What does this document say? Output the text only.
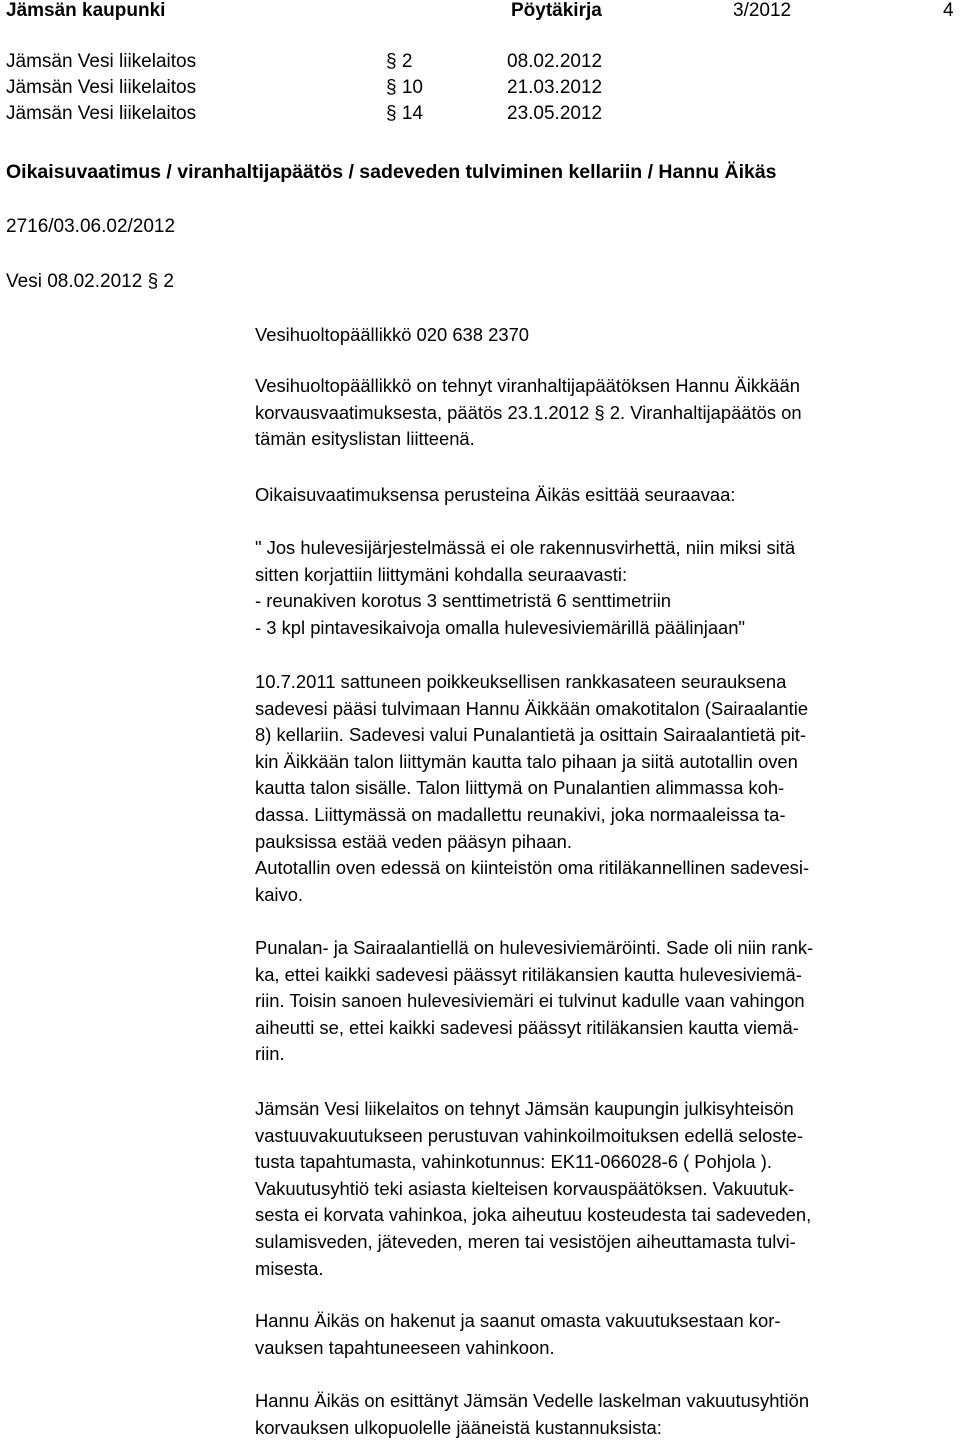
Jämsän kaupunki	Pöytäkirja	3/2012	4
Jämsän Vesi liikelaitos	§ 2	08.02.2012
Jämsän Vesi liikelaitos	§ 10	21.03.2012
Jämsän Vesi liikelaitos	§ 14	23.05.2012
Oikaisuvaatimus / viranhaltijapäätös / sadeveden tulviminen kellariin / Hannu Äikäs
2716/03.06.02/2012
Vesi 08.02.2012 § 2
Vesihuoltopäällikkö 020 638 2370
Vesihuoltopäällikkö on tehnyt viranhaltijapäätöksen Hannu Äikkään
korvausvaatimuksesta, päätös 23.1.2012 § 2. Viranhaltijapäätös on
tämän esityslistan liitteenä.
Oikaisuvaatimuksensa perusteina Äikäs esittää seuraavaa:
" Jos hulevesijärjestelmässä ei ole rakennusvirhettä, niin miksi sitä
sitten korjattiin liittymäni kohdalla seuraavasti:
- reunakiven korotus 3 senttimetristä 6 senttimetriin
- 3 kpl pintavesikaivoja omalla hulevesiviemärillä päälinjaan"
10.7.2011 sattuneen poikkeuksellisen rankkasateen seurauksena
sadevesi pääsi tulvimaan Hannu Äikkään omakotitalon (Sairaalantie
8) kellariin. Sadevesi valui Punalantietä ja osittain Sairaalantietä pit-
kin Äikkään talon liittymän kautta talo pihaan ja siitä autotallin oven
kautta talon sisälle. Talon liittymä on Punalantien alimmassa koh-
dassa. Liittymässä on madallettu reunakivi, joka normaaleissa ta-
pauksissa estää veden pääsyn pihaan.
Autotallin oven edessä on kiinteistön oma ritiläkannellinen sadevesi-
kaivo.
Punalan- ja Sairaalantiellä on hulevesiviemäröinti. Sade oli niin rank-
ka, ettei kaikki sadevesi päässyt ritiläkansien kautta hulevesiviemä-
riin. Toisin sanoen hulevesiviemäri ei tulvinut kadulle vaan vahingon
aiheutti se, ettei kaikki sadevesi päässyt ritiläkansien kautta viemä-
riin.
Jämsän Vesi liikelaitos on tehnyt Jämsän kaupungin julkisyhteisön
vastuuvakuutukseen perustuvan vahinkoilmoituksen edellä seloste-
tusta tapahtumasta, vahinkotunnus: EK11-066028-6 ( Pohjola ).
Vakuutusyhtiö teki asiasta kielteisen korvauspäätöksen. Vakuutuk-
sesta ei korvata vahinkoa, joka aiheutuu kosteudesta tai sadeveden,
sulamisveden, jäteveden, meren tai vesistöjen aiheuttamasta tulvi-
misesta.
Hannu Äikäs on hakenut ja saanut omasta vakuutuksestaan kor-
vauksen tapahtuneeseen vahinkoon.
Hannu Äikäs on esittänyt Jämsän Vedelle laskelman vakuutusyhtiön
korvauksen ulkopuolelle jääneistä kustannuksista:
